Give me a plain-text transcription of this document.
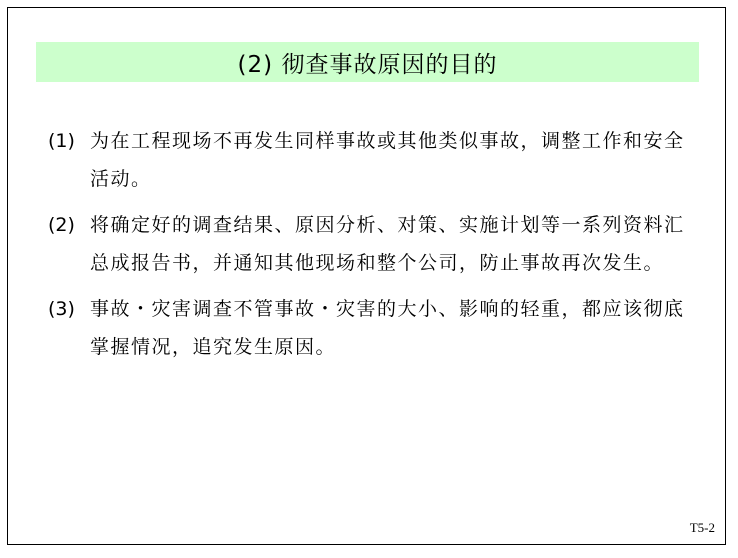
(2) 彻查事故原因的目的
(1) 为在工程现场不再发生同样事故或其他类似事故，调整工作和安全活动。
(2) 将确定好的调查结果、原因分析、对策、实施计划等一系列资料汇总成报告书，并通知其他现场和整个公司，防止事故再次发生。
(3) 事故・灾害调查不管事故・灾害的大小、影响的轻重，都应该彻底掌握情况，追究发生原因。
T5-2
